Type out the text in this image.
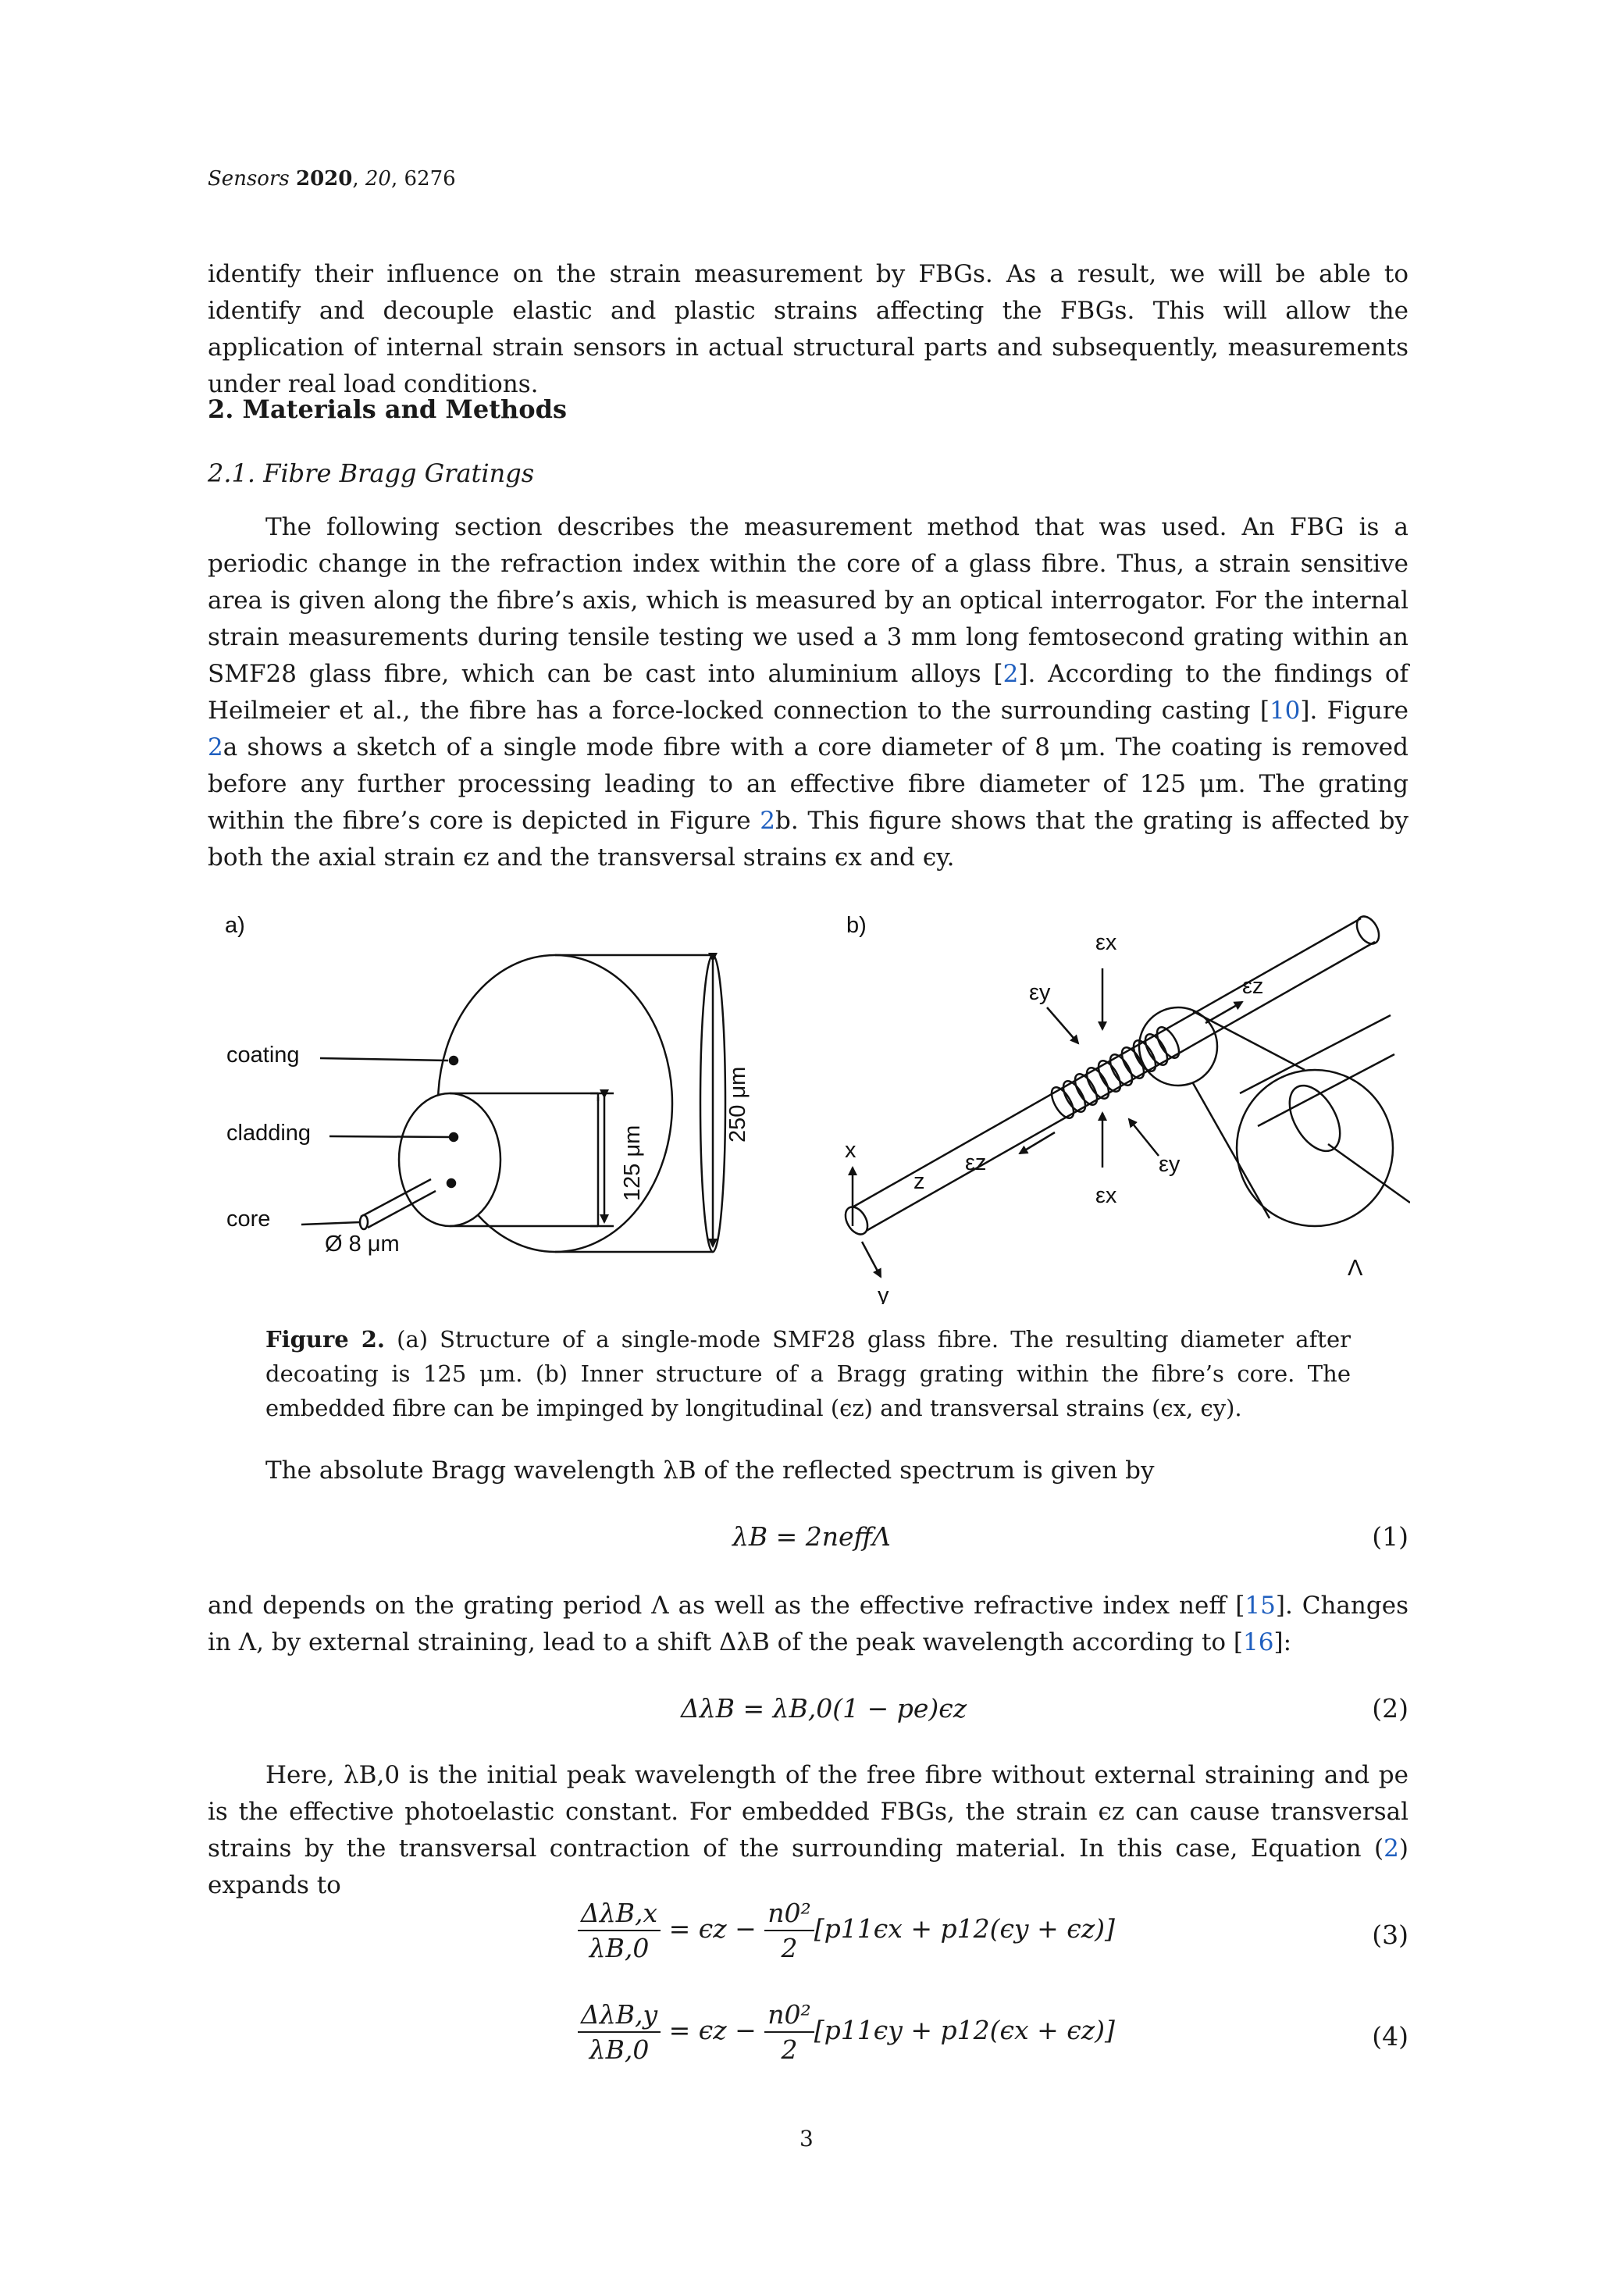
Sensors 2020, 20, 6276

identify their influence on the strain measurement by FBGs. As a result, we will be able to identify and decouple elastic and plastic strains affecting the FBGs. This will allow the application of internal strain sensors in actual structural parts and subsequently, measurements under real load conditions.

2. Materials and Methods

2.1. Fibre Bragg Gratings

The following section describes the measurement method that was used. An FBG is a periodic change in the refraction index within the core of a glass fibre. Thus, a strain sensitive area is given along the fibre’s axis, which is measured by an optical interrogator. For the internal strain measurements during tensile testing we used a 3 mm long femtosecond grating within an SMF28 glass fibre, which can be cast into aluminium alloys [2]. According to the findings of Heilmeier et al., the fibre has a force-locked connection to the surrounding casting [10]. Figure 2a shows a sketch of a single mode fibre with a core diameter of 8 μm. The coating is removed before any further processing leading to an effective fibre diameter of 125 μm. The grating within the fibre’s core is depicted in Figure 2b. This figure shows that the grating is affected by both the axial strain ϵz and the transversal strains ϵx and ϵy.

a)
coating
cladding
core
Ø 8 μm
125 μm
250 μm
b)
εx
εx
εy
εy
εz
εz
x
y
z
Λ

Figure 2. (a) Structure of a single-mode SMF28 glass fibre. The resulting diameter after decoating is 125 μm. (b) Inner structure of a Bragg grating within the fibre’s core. The embedded fibre can be impinged by longitudinal (ϵz) and transversal strains (ϵx, ϵy).

The absolute Bragg wavelength λB of the reflected spectrum is given by

λB = 2neffΛ	(1)

and depends on the grating period Λ as well as the effective refractive index neff [15]. Changes in Λ, by external straining, lead to a shift ΔλB of the peak wavelength according to [16]:

ΔλB = λB,0(1 − pe)ϵz	(2)

Here, λB,0 is the initial peak wavelength of the free fibre without external straining and pe is the effective photoelastic constant. For embedded FBGs, the strain ϵz can cause transversal strains by the transversal contraction of the surrounding material. In this case, Equation (2) expands to

$\frac{\text{ΔλB,x}}{\lambda B,0} = \epsilon z - \frac{\text{n0²}}{2} [p11\epsilon x + p12(\epsilon y + \epsilon z)]$	(3)
$\frac{\text{ΔλB,y}}{\lambda B,0} = \epsilon z - \frac{\text{n0²}}{2} [p11\epsilon y + p12(\epsilon x + \epsilon z)]$	(4)
3
